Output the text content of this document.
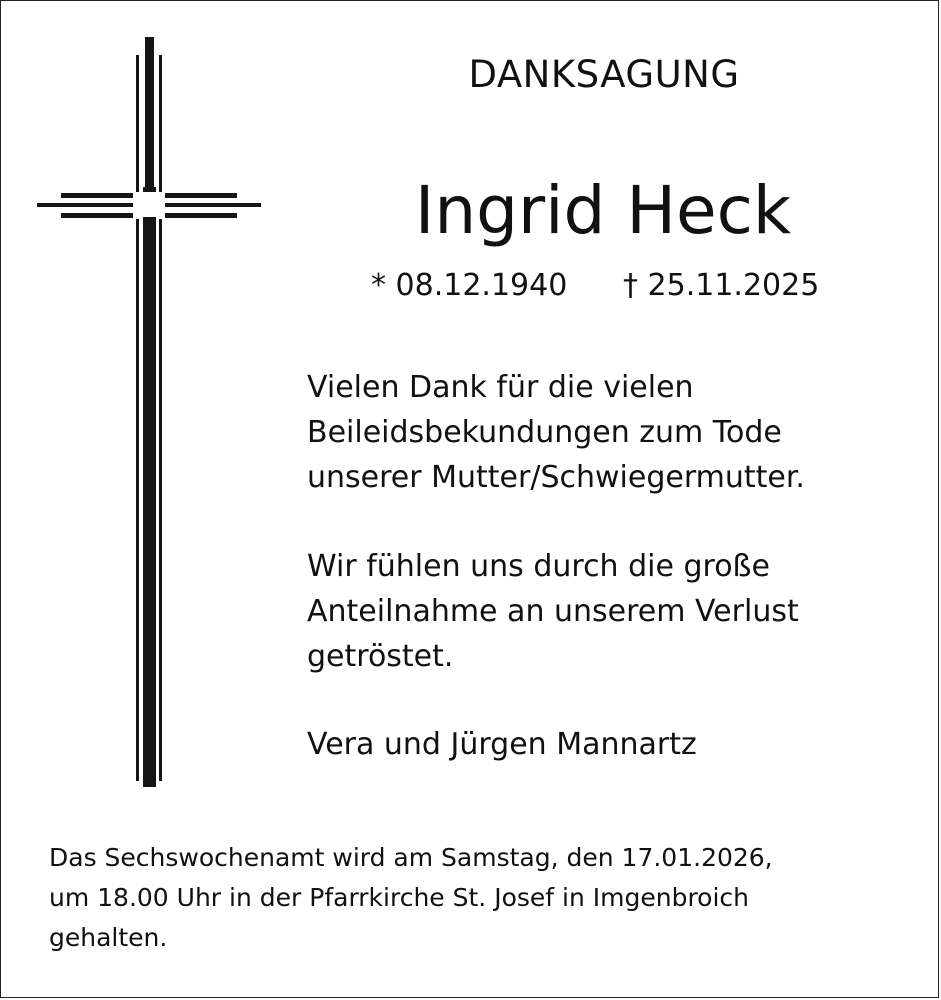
DANKSAGUNG
Ingrid Heck
* 08.12.1940 † 25.11.2025

Vielen Dank für die vielen

Beileidsbekundungen zum Tode

unserer Mutter/Schwiegermutter.

Wir fühlen uns durch die große

Anteilnahme an unserem Verlust

getröstet.

Vera und Jürgen Mannartz

Das Sechswochenamt wird am Samstag, den 17.01.2026,

um 18.00 Uhr in der Pfarrkirche St. Josef in Imgenbroich

gehalten.
